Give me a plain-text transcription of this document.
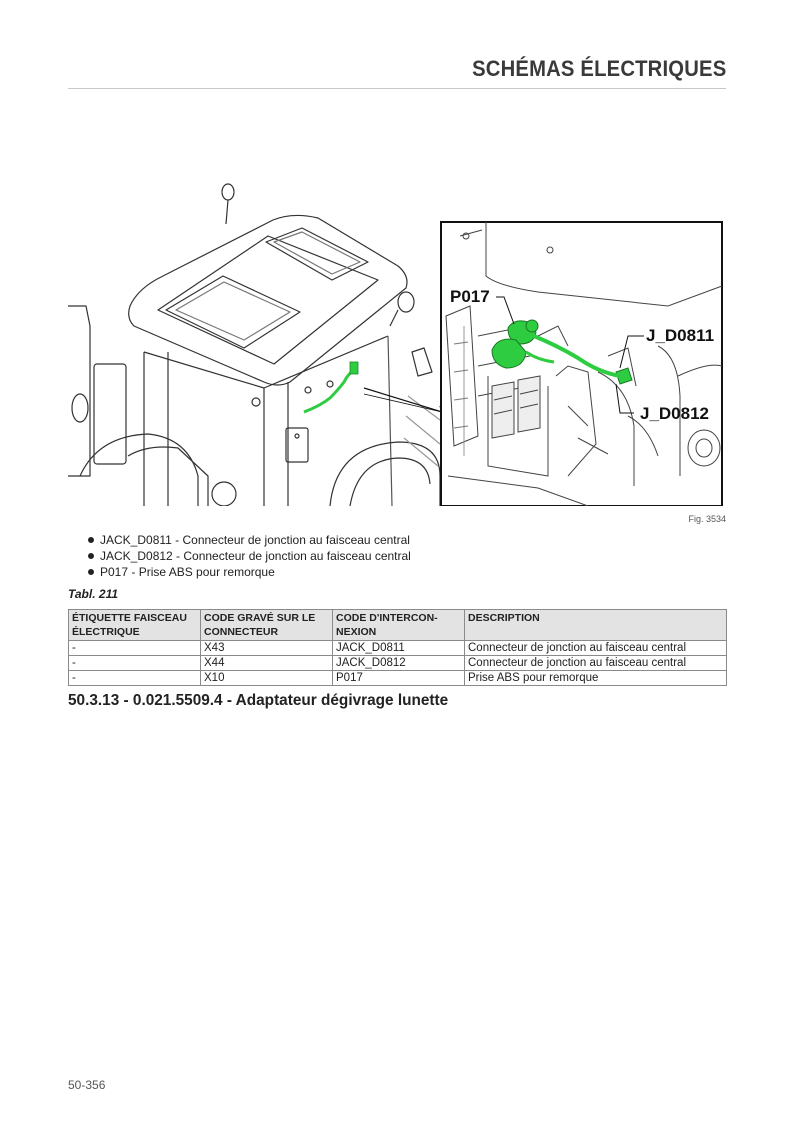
SCHÉMAS ÉLECTRIQUES
P017
J_D0811
J_D0812
Fig. 3534
JACK_D0811 - Connecteur de jonction au faisceau central
JACK_D0812 - Connecteur de jonction au faisceau central
P017 - Prise ABS pour remorque
Tabl. 211
ÉTIQUETTE FAISCEAU ÉLECTRIQUE	CODE GRAVÉ SUR LE CONNECTEUR	CODE D'INTERCON-NEXION	DESCRIPTION
-	X43	JACK_D0811	Connecteur de jonction au faisceau central
-	X44	JACK_D0812	Connecteur de jonction au faisceau central
-	X10	P017	Prise ABS pour remorque
50.3.13 - 0.021.5509.4 - Adaptateur dégivrage lunette
50-356
